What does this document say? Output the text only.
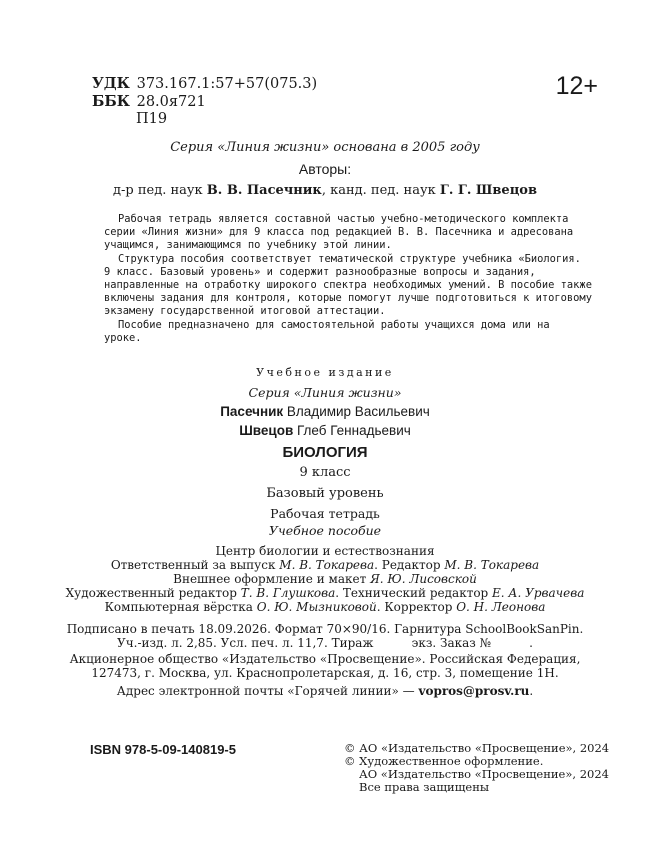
УДК 373.167.1:57+57(075.3)
ББК 28.0я721
П19
12+
Серия «Линия жизни» основана в 2005 году
Авторы:
д-р пед. наук В. В. Пасечник, канд. пед. наук Г. Г. Швецов

Рабочая тетрадь является составной частью учебно-методического комплекта серии «Линия жизни» для 9 класса под редакцией В. В. Пасечника и адресована учащимся, занимающимся по учебнику этой линии.

Структура пособия соответствует тематической структуре учебника «Биология. 9 класс. Базовый уровень» и содержит разнообразные вопросы и задания, направленные на отработку широкого спектра необходимых умений. В пособие также включены задания для контроля, которые помогут лучше подготовиться к итоговому экзамену государственной итоговой аттестации.

Пособие предназначено для самостоятельной работы учащихся дома или на уроке.

Учебное издание
Серия «Линия жизни»
Пасечник Владимир Васильевич
Швецов Глеб Геннадьевич
БИОЛОГИЯ
9 класс
Базовый уровень
Рабочая тетрадь
Учебное пособие
Центр биологии и естествознания
Ответственный за выпуск М. В. Токарева. Редактор М. В. Токарева
Внешнее оформление и макет Я. Ю. Лисовской
Художественный редактор Т. В. Глушкова. Технический редактор Е. А. Урвачева
Компьютерная вёрстка О. Ю. Мызниковой. Корректор О. Н. Леонова
Подписано в печать 18.09.2026. Формат 70×90/16. Гарнитура SchoolBookSanPin.
Уч.-изд. л. 2,85. Усл. печ. л. 11,7. Тираж          экз. Заказ №          .
Акционерное общество «Издательство «Просвещение». Российская Федерация,
127473, г. Москва, ул. Краснопролетарская, д. 16, стр. 3, помещение 1Н.
Адрес электронной почты «Горячей линии» — vopros@prosv.ru.
ISBN 978-5-09-140819-5	© АО «Издательство «Просвещение», 2024
© Художественное оформление.
АО «Издательство «Просвещение», 2024
Все права защищены
